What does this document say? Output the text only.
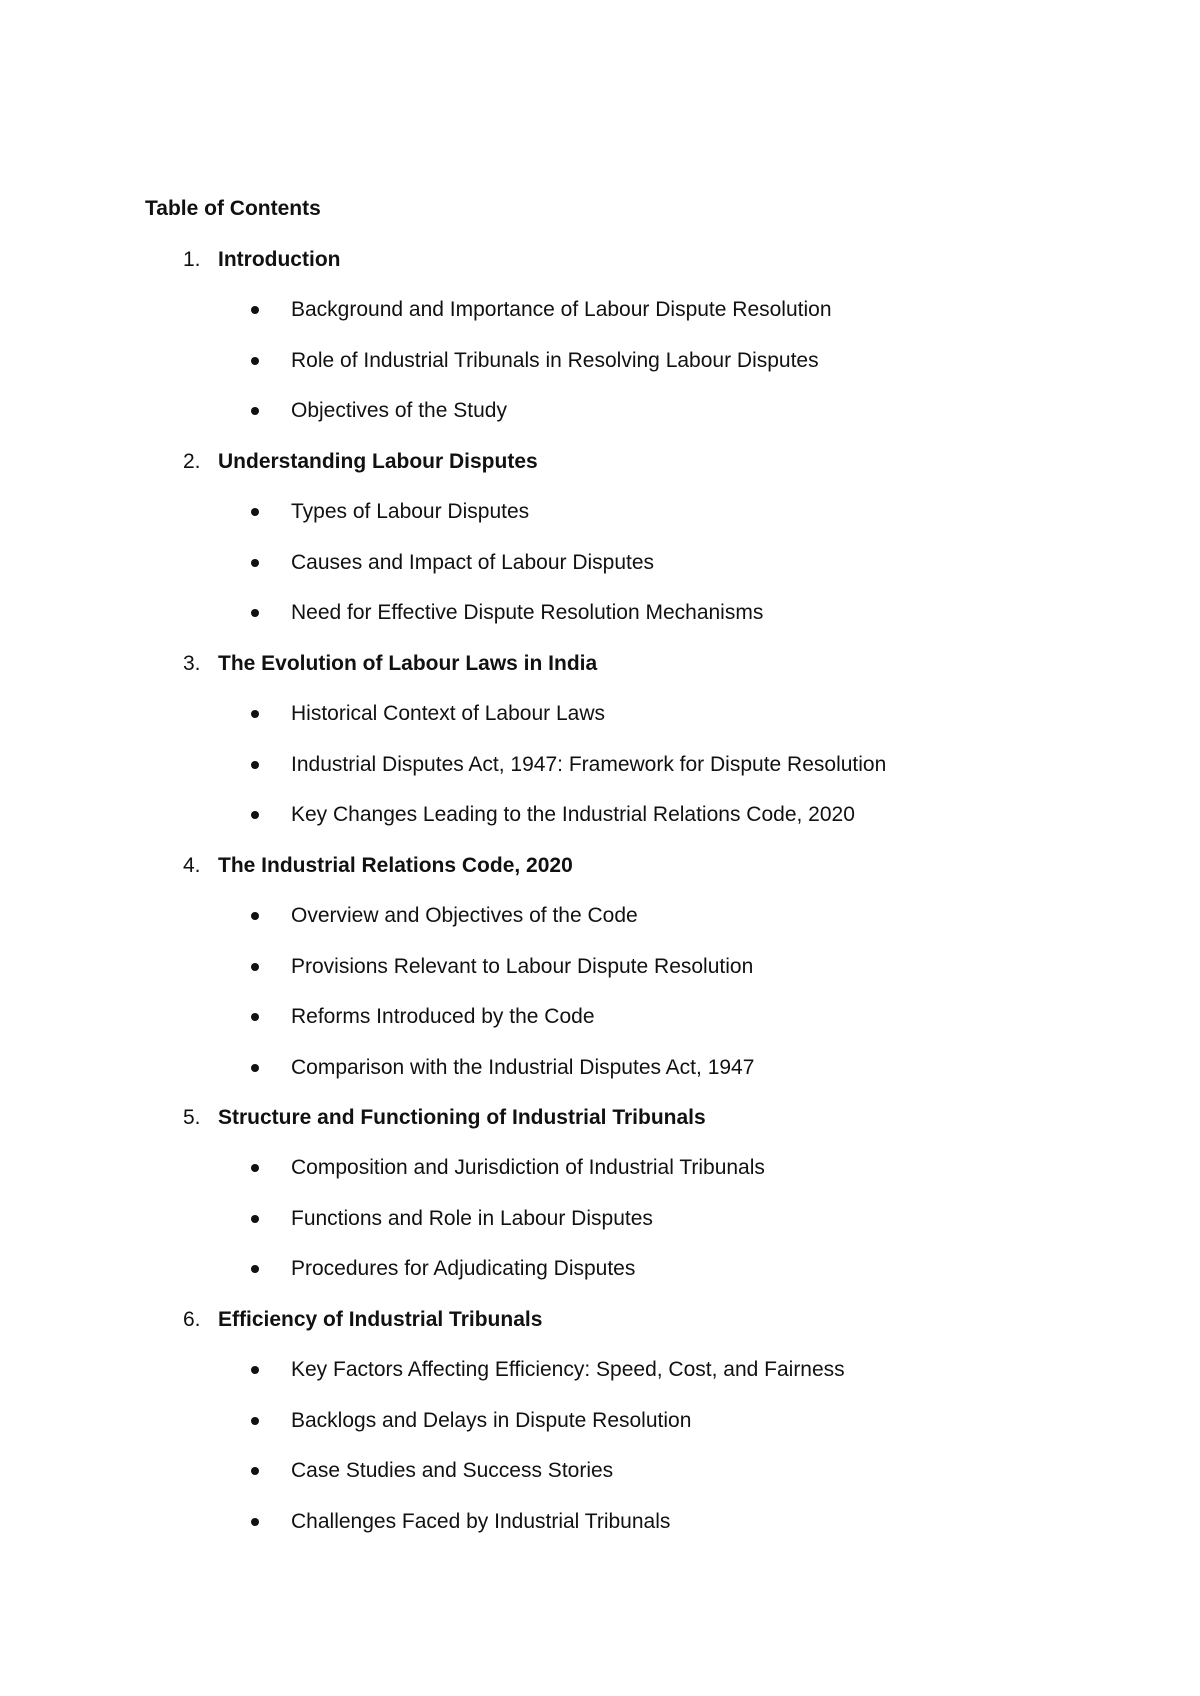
Table of Contents
1. Introduction
Background and Importance of Labour Dispute Resolution
Role of Industrial Tribunals in Resolving Labour Disputes
Objectives of the Study
2. Understanding Labour Disputes
Types of Labour Disputes
Causes and Impact of Labour Disputes
Need for Effective Dispute Resolution Mechanisms
3. The Evolution of Labour Laws in India
Historical Context of Labour Laws
Industrial Disputes Act, 1947: Framework for Dispute Resolution
Key Changes Leading to the Industrial Relations Code, 2020
4. The Industrial Relations Code, 2020
Overview and Objectives of the Code
Provisions Relevant to Labour Dispute Resolution
Reforms Introduced by the Code
Comparison with the Industrial Disputes Act, 1947
5. Structure and Functioning of Industrial Tribunals
Composition and Jurisdiction of Industrial Tribunals
Functions and Role in Labour Disputes
Procedures for Adjudicating Disputes
6. Efficiency of Industrial Tribunals
Key Factors Affecting Efficiency: Speed, Cost, and Fairness
Backlogs and Delays in Dispute Resolution
Case Studies and Success Stories
Challenges Faced by Industrial Tribunals
